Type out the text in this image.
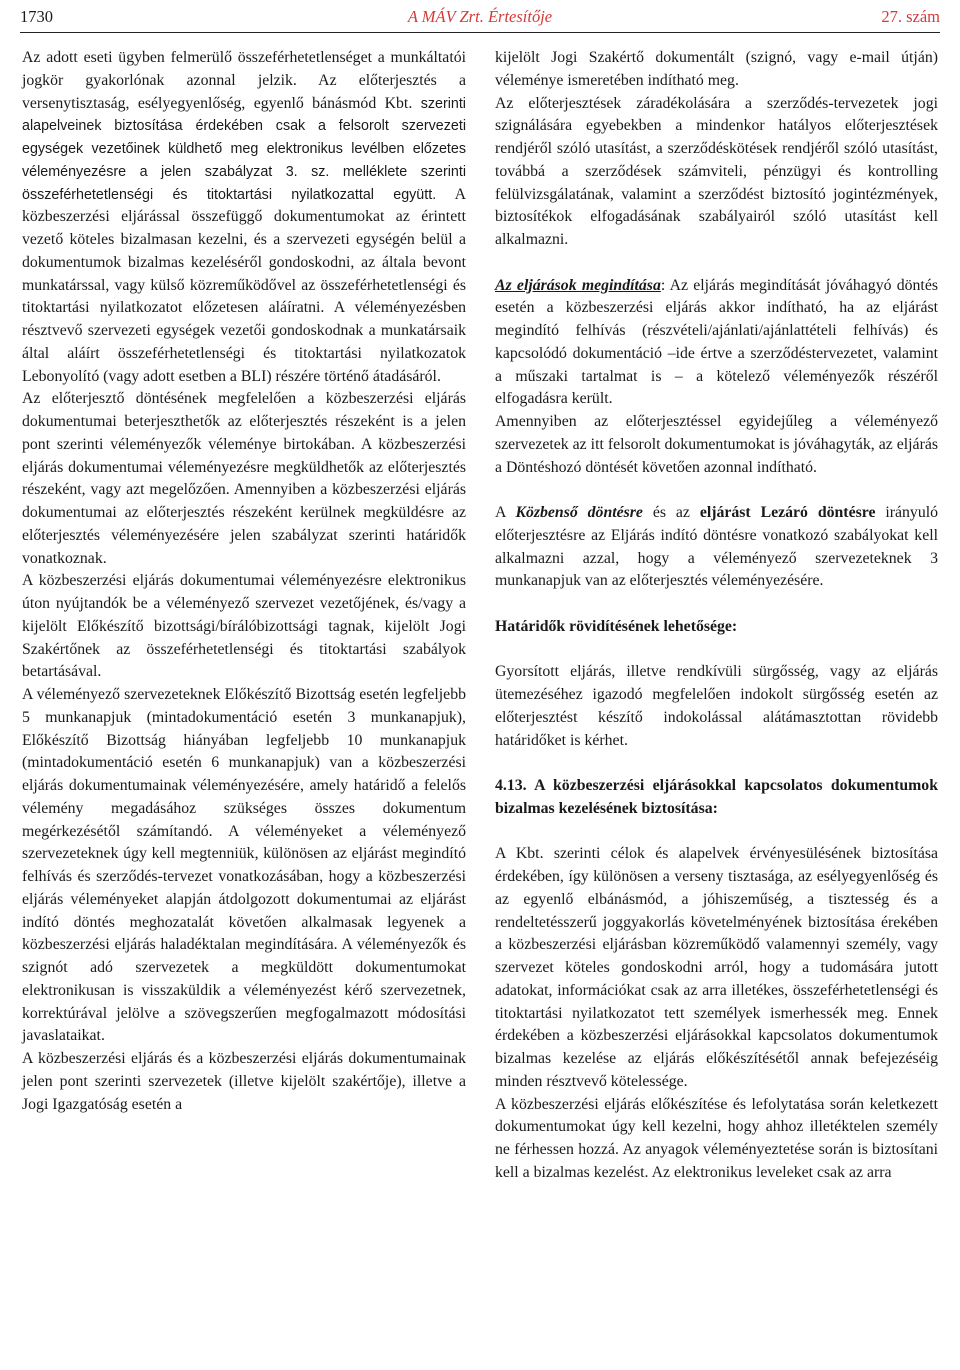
1730	A MÁV Zrt. Értesítője	27. szám

Az adott eseti ügyben felmerülő összeférhetetlenséget a munkáltatói jogkör gyakorlónak azonnal jelzik. Az előterjesztés a versenytisztaság, esélyegyenlőség, egyenlő bánásmód Kbt. szerinti alapelveinek biztosítása érdekében csak a felsorolt szervezeti egységek vezetőinek küldhető meg elektronikus levélben előzetes véleményezésre a jelen szabályzat 3. sz. melléklete szerinti összeférhetetlenségi és titoktartási nyilatkozattal együtt. A közbeszerzési eljárással összefüggő dokumentumokat az érintett vezető köteles bizalmasan kezelni, és a szervezeti egységén belül a dokumentumok bizalmas kezeléséről gondoskodni, az általa bevont munkatárssal, vagy külső közreműködővel az összeférhetetlenségi és titoktartási nyilatkozatot előzetesen aláíratni. A véleményezésben résztvevő szervezeti egységek vezetői gondoskodnak a munkatársaik által aláírt összeférhetetlenségi és titoktartási nyilatkozatok Lebonyolító (vagy adott esetben a BLI) részére történő átadásáról.

Az előterjesztő döntésének megfelelően a közbeszerzési eljárás dokumentumai beterjeszthetők az előterjesztés részeként is a jelen pont szerinti véleményezők véleménye birtokában. A közbeszerzési eljárás dokumentumai véleményezésre megküldhetők az előterjesztés részeként, vagy azt megelőzően. Amennyiben a közbeszerzési eljárás dokumentumai az előterjesztés részeként kerülnek megküldésre az előterjesztés véleményezésére jelen szabályzat szerinti határidők vonatkoznak.

A közbeszerzési eljárás dokumentumai véleményezésre elektronikus úton nyújtandók be a véleményező szervezet vezetőjének, és/vagy a kijelölt Előkészítő bizottsági/bírálóbizottsági tagnak, kijelölt Jogi Szakértőnek az összeférhetetlenségi és titoktartási szabályok betartásával.

A véleményező szervezeteknek Előkészítő Bizottság esetén legfeljebb 5 munkanapjuk (mintadokumentáció esetén 3 munkanapjuk), Előkészítő Bizottság hiányában legfeljebb 10 munkanapjuk (mintadokumentáció esetén 6 munkanapjuk) van a közbeszerzési eljárás dokumentumainak véleményezésére, amely határidő a felelős vélemény megadásához szükséges összes dokumentum megérkezésétől számítandó. A véleményeket a véleményező szervezeteknek úgy kell megtenniük, különösen az eljárást megindító felhívás és szerződés-tervezet vonatkozásában, hogy a közbeszerzési eljárás véleményeket alapján átdolgozott dokumentumai az eljárást indító döntés meghozatalát követően alkalmasak legyenek a közbeszerzési eljárás haladéktalan megindítására. A véleményezők és szignót adó szervezetek a megküldött dokumentumokat elektronikusan is visszaküldik a véleményezést kérő szervezetnek, korrektúrával jelölve a szövegszerűen megfogalmazott módosítási javaslataikat.

A közbeszerzési eljárás és a közbeszerzési eljárás dokumentumainak jelen pont szerinti szervezetek (illetve kijelölt szakértője), illetve a Jogi Igazgatóság esetén a

kijelölt Jogi Szakértő dokumentált (szignó, vagy e-mail útján) véleménye ismeretében indítható meg.

Az előterjesztések záradékolására a szerződés-tervezetek jogi szignálására egyebekben a mindenkor hatályos előterjesztések rendjéről szóló utasítást, a szerződéskötések rendjéről szóló utasítást, továbbá a szerződések számviteli, pénzügyi és kontrolling felülvizsgálatának, valamint a szerződést biztosító jogintézmények, biztosítékok elfogadásának szabályairól szóló utasítást kell alkalmazni.

Az eljárások megindítása: Az eljárás megindítását jóváhagyó döntés esetén a közbeszerzési eljárás akkor indítható, ha az eljárást megindító felhívás (részvételi/ajánlati/ajánlattételi felhívás) és kapcsolódó dokumentáció –ide értve a szerződéstervezetet, valamint a műszaki tartalmat is – a kötelező véleményezők részéről elfogadásra került.

Amennyiben az előterjesztéssel egyidejűleg a véleményező szervezetek az itt felsorolt dokumentumokat is jóváhagyták, az eljárás a Döntéshozó döntését követően azonnal indítható.

A Közbenső döntésre és az eljárást Lezáró döntésre irányuló előterjesztésre az Eljárás indító döntésre vonatkozó szabályokat kell alkalmazni azzal, hogy a véleményező szervezeteknek 3 munkanapjuk van az előterjesztés véleményezésére.

Határidők rövidítésének lehetősége:

Gyorsított eljárás, illetve rendkívüli sürgősség, vagy az eljárás ütemezéséhez igazodó megfelelően indokolt sürgősség esetén az előterjesztést készítő indokolással alátámasztottan rövidebb határidőket is kérhet.

4.13. A közbeszerzési eljárásokkal kapcsolatos dokumentumok bizalmas kezelésének biztosítása:

A Kbt. szerinti célok és alapelvek érvényesülésének biztosítása érdekében, így különösen a verseny tisztasága, az esélyegyenlőség és az egyenlő elbánásmód, a jóhiszeműség, a tisztesség és a rendeltetésszerű joggyakorlás követelményének biztosítása érekében a közbeszerzési eljárásban közreműködő valamennyi személy, vagy szervezet köteles gondoskodni arról, hogy a tudomására jutott adatokat, információkat csak az arra illetékes, összeférhetetlenségi és titoktartási nyilatkozatot tett személyek ismerhessék meg. Ennek érdekében a közbeszerzési eljárásokkal kapcsolatos dokumentumok bizalmas kezelése az eljárás előkészítésétől annak befejezéséig minden résztvevő kötelessége.

A közbeszerzési eljárás előkészítése és lefolytatása során keletkezett dokumentumokat úgy kell kezelni, hogy ahhoz illetéktelen személy ne férhessen hozzá. Az anyagok véleményeztetése során is biztosítani kell a bizalmas kezelést. Az elektronikus leveleket csak az arra
